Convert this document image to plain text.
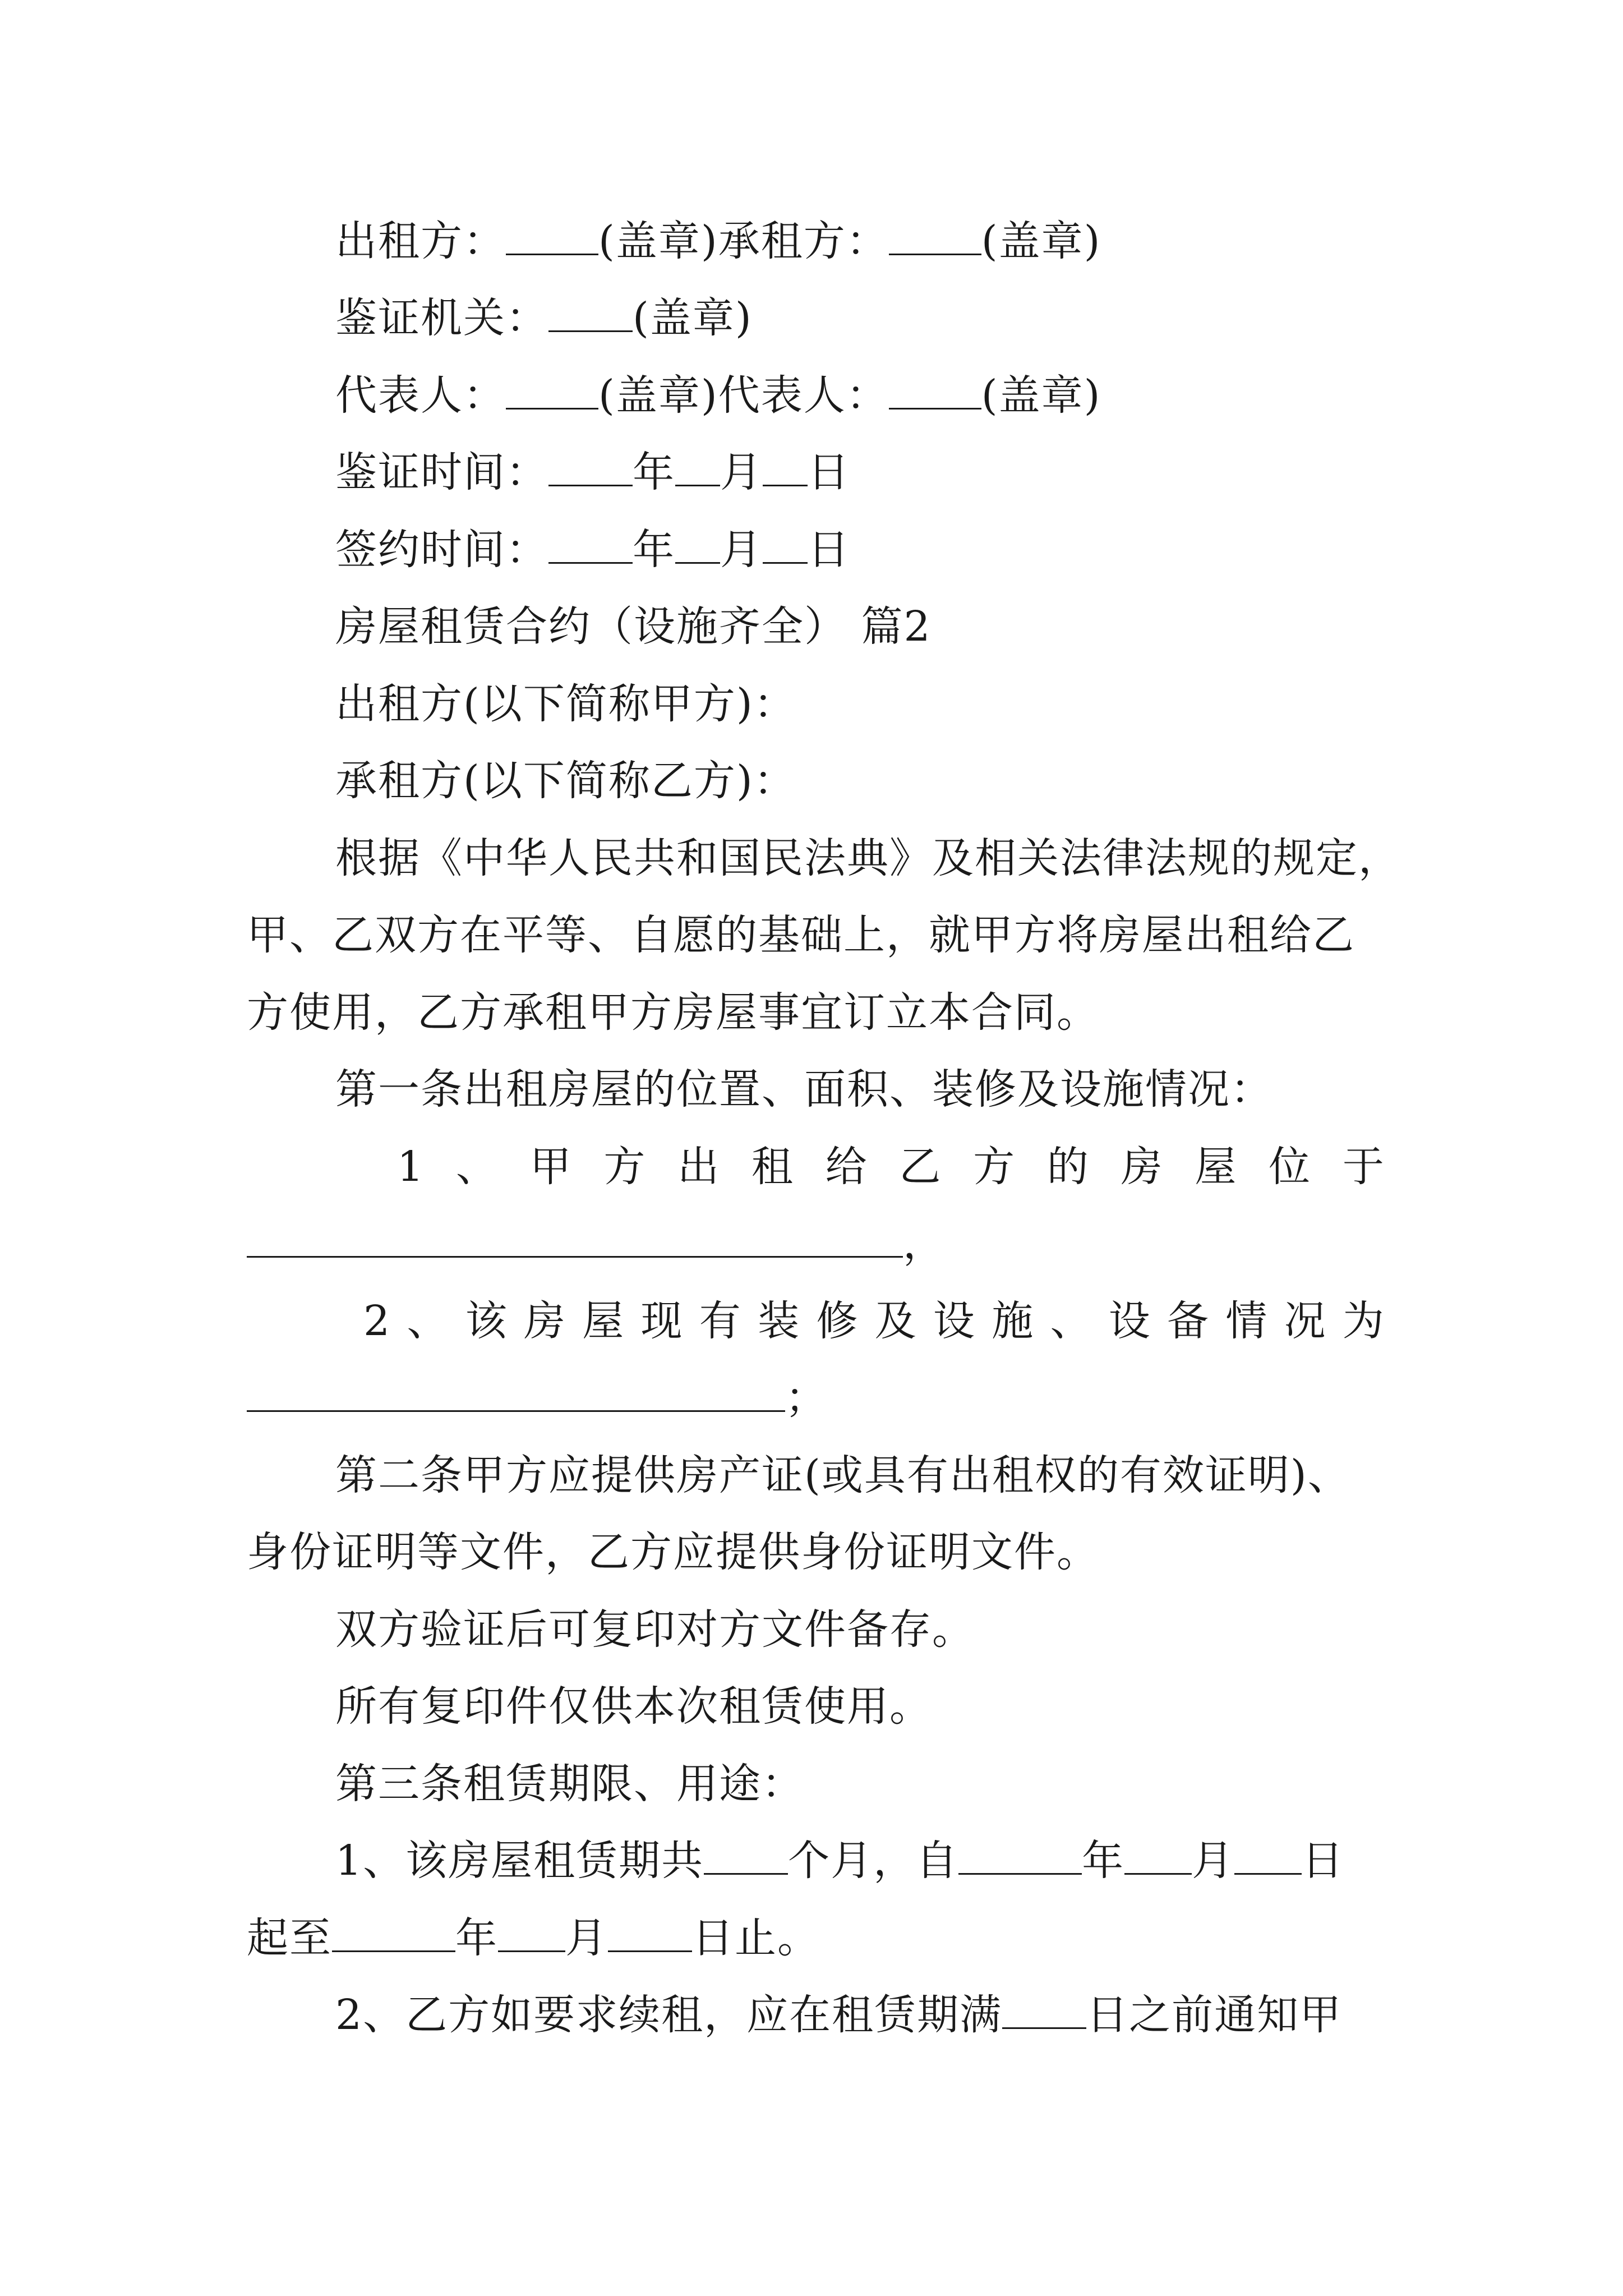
出租方： (盖章)承租方： (盖章)
鉴证机关： (盖章)
代表人： (盖章)代表人： (盖章)
鉴证时间： 年 月 日
签约时间： 年 月 日
房屋租赁合约（设施齐全） 篇2
出租方(以下简称甲方)：
承租方(以下简称乙方)：
根据《中华人民共和国民法典》及相关法律法规的规定，
甲、乙双方在平等、自愿的基础上，就甲方将房屋出租给乙
方使用，乙方承租甲方房屋事宜订立本合同。
第一条出租房屋的位置、面积、装修及设施情况：
1 、 甲 方 出 租 给 乙 方 的 房 屋 位 于
，
2 、 该 房 屋 现 有 装 修 及 设 施 、 设 备 情 况 为
；
第二条甲方应提供房产证(或具有出租权的有效证明)、
身份证明等文件，乙方应提供身份证明文件。
双方验证后可复印对方文件备存。
所有复印件仅供本次租赁使用。
第三条租赁期限、用途：
1、该房屋租赁期共 个月，自	年 月 日
起至	年 月 日止。
2、乙方如要求续租，应在租赁期满 日之前通知甲
